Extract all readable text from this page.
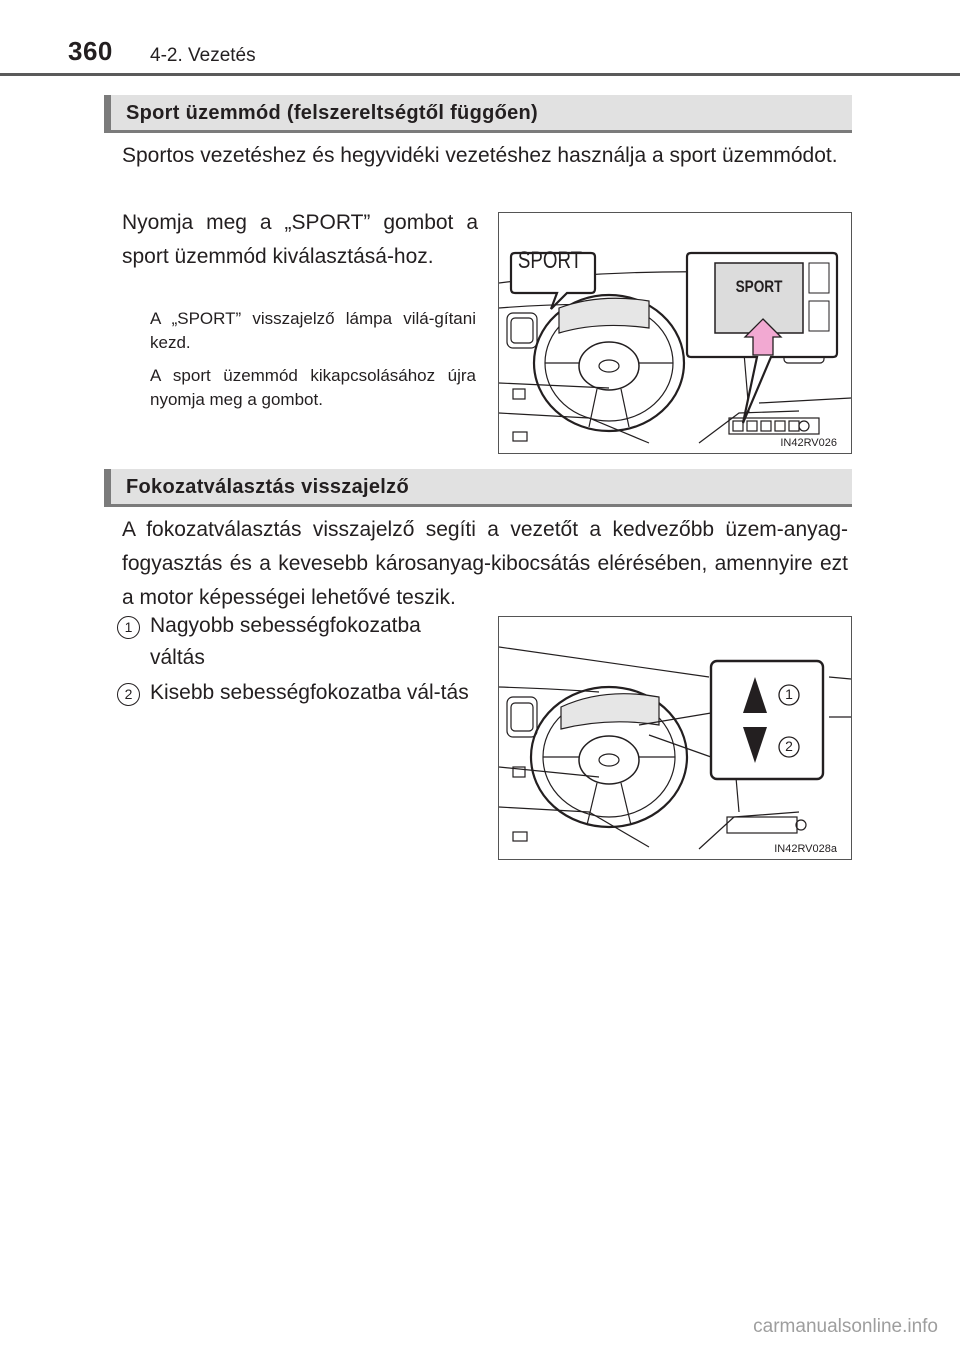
360 4-2. Vezetés
Sport üzemmód (felszereltségtől függően)
Sportos vezetéshez és hegyvidéki vezetéshez használja a sport üzemmódot.
Nyomja meg a „SPORT” gombot a sport üzemmód kiválasztásá-hoz.
A „SPORT” visszajelző lámpa vilá-gítani kezd.
A sport üzemmód kikapcsolásához újra nyomja meg a gombot.
SPORT
SPORT
IN42RV026
Fokozatválasztás visszajelző
A fokozatválasztás visszajelző segíti a vezetőt a kedvezőbb üzem-anyag-fogyasztás és a kevesebb károsanyag-kibocsátás elérésében, amennyire ezt a motor képességei lehetővé teszik.
1 Nagyobb sebességfokozatba váltás
2 Kisebb sebességfokozatba vál-tás	1
2
IN42RV028a
carmanualsonline.info
